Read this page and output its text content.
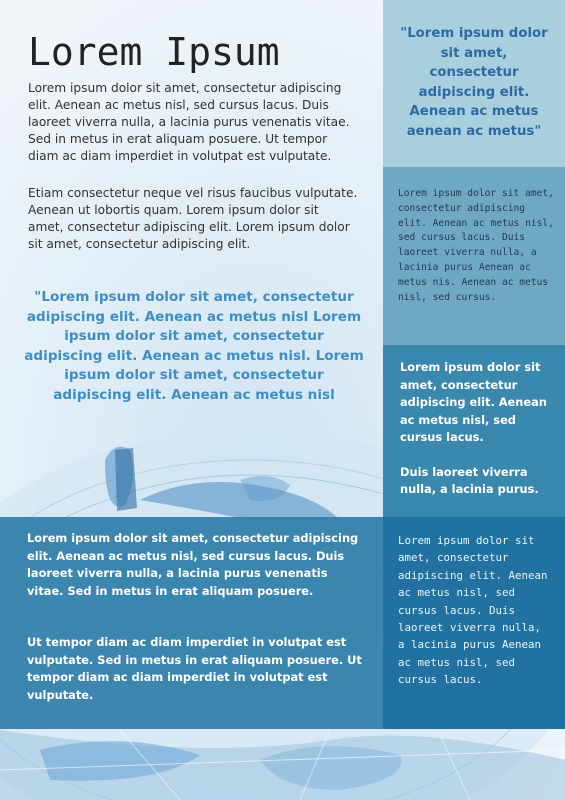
Lorem Ipsum

Lorem ipsum dolor sit amet, consectetur adipiscing elit. Aenean ac metus nisl, sed cursus lacus. Duis laoreet viverra nulla, a lacinia purus venenatis vitae. Sed in metus in erat aliquam posuere. Ut tempor diam ac diam imperdiet in volutpat est vulputate.

Etiam consectetur neque vel risus faucibus vulputate. Aenean ut lobortis quam. Lorem ipsum dolor sit amet, consectetur adipiscing elit. Lorem ipsum dolor sit amet, consectetur adipiscing elit.

"Lorem ipsum dolor sit amet, consectetur adipiscing elit. Aenean ac metus nisl Lorem ipsum dolor sit amet, consectetur adipiscing elit. Aenean ac metus nisl. Lorem ipsum dolor sit amet, consectetur adipiscing elit. Aenean ac metus nisl

"Lorem ipsum dolor sit amet, consectetur adipiscing elit. Aenean ac metus aenean ac metus"

Lorem ipsum dolor sit amet, consectetur adipiscing elit. Aenean ac metus nisl, sed cursus lacus. Duis laoreet viverra nulla, a lacinia purus Aenean ac metus nis. Aenean ac metus nisl, sed cursus.

Lorem ipsum dolor sit amet, consectetur adipiscing elit. Aenean ac metus nisl, sed cursus lacus.

Duis laoreet viverra nulla, a lacinia purus.

Lorem ipsum dolor sit amet, consectetur adipiscing elit. Aenean ac metus nisl, sed cursus lacus. Duis laoreet viverra nulla, a lacinia purus Aenean ac metus nisl, sed cursus lacus.

Lorem ipsum dolor sit amet, consectetur adipiscing elit. Aenean ac metus nisl, sed cursus lacus. Duis laoreet viverra nulla, a lacinia purus venenatis vitae. Sed in metus in erat aliquam posuere.

Ut tempor diam ac diam imperdiet in volutpat est vulputate. Sed in metus in erat aliquam posuere. Ut tempor diam ac diam imperdiet in volutpat est vulputate.
